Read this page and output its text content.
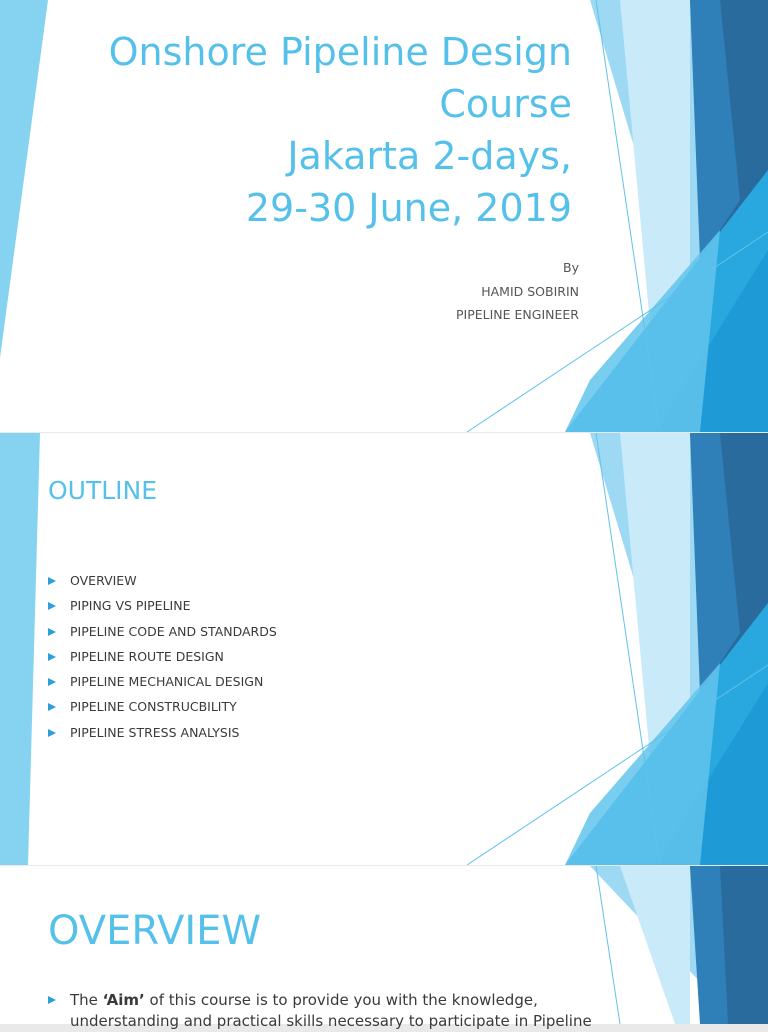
Onshore Pipeline Design
Course
Jakarta 2-days,
29-30 June, 2019
By
HAMID SOBIRIN
PIPELINE ENGINEER
OUTLINE
OVERVIEW
PIPING VS PIPELINE
PIPELINE CODE AND STANDARDS
PIPELINE ROUTE DESIGN
PIPELINE MECHANICAL DESIGN
PIPELINE CONSTRUCBILITY
PIPELINE STRESS ANALYSIS
OVERVIEW
The ‘Aim’ of this course is to provide you with the knowledge,
understanding and practical skills necessary to participate in Pipeline
